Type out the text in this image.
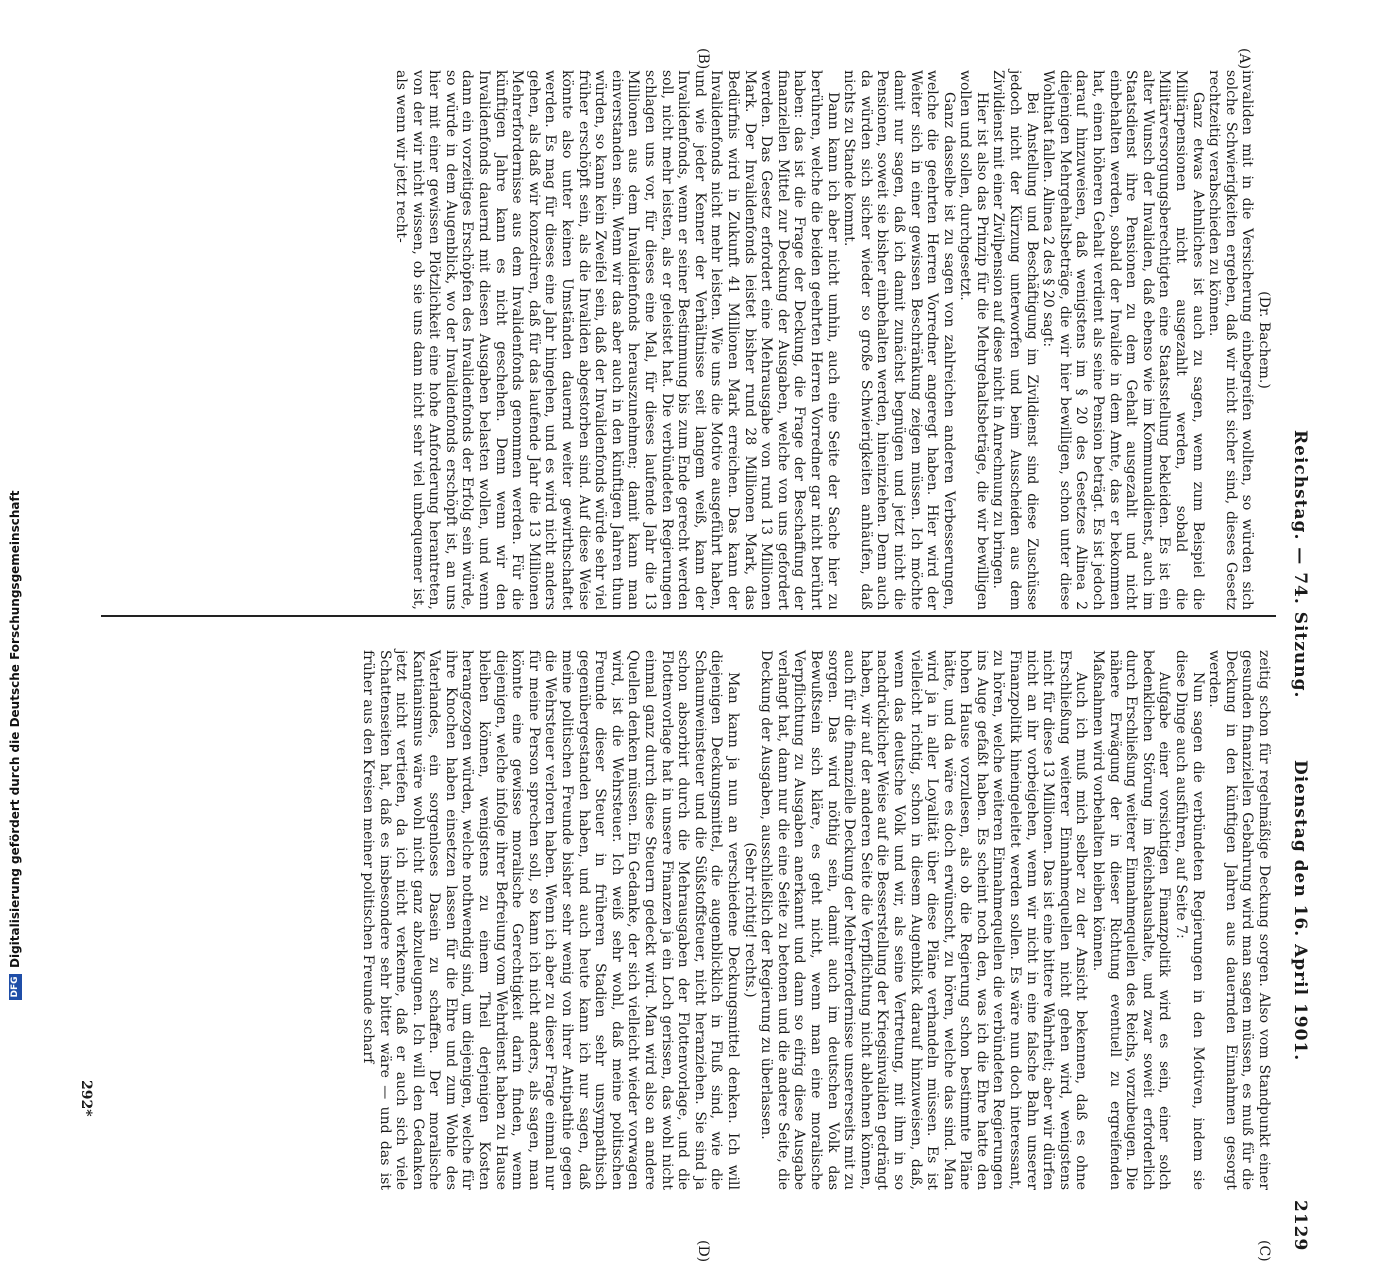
Reichstag. — 74. Sitzung.
Dienstag den 16. April 1901.
2129
(A)
(B)
(C)
(D)

(Dr. Bachem.)

invaliden mit in die Versicherung einbegreifen wollten, so würden sich solche Schwierigkeiten ergeben, daß wir nicht sicher sind, dieses Gesetz rechtzeitig verabschieden zu können.

Ganz etwas Aehnliches ist auch zu sagen, wenn zum Beispiel die Militärpensionen nicht ausgezahlt werden, sobald die Militärversorgungsberechtigten eine Staatsstellung bekleiden. Es ist ein alter Wunsch der Invaliden, daß ebenso wie im Kommunaldienst, auch im Staatsdienst ihre Pensionen zu dem Gehalt ausgezahlt und nicht einbehalten werden, sobald der Invalide in dem Amte, das er bekommen hat, einen höheren Gehalt verdient als seine Pension beträgt. Es ist jedoch darauf hinzuweisen, daß wenigstens im § 20 des Gesetzes Alinea 2 diejenigen Mehrgehaltsbeträge, die wir hier bewilligen, schon unter diese Wohlthat fallen. Alinea 2 des § 20 sagt:

Bei Anstellung und Beschäftigung im Zivildienst sind diese Zuschüsse jedoch nicht der Kürzung unterworfen und beim Ausscheiden aus dem Zivildienst mit einer Zivilpension auf diese nicht in Anrechnung zu bringen.

Hier ist also das Prinzip für die Mehrgehaltsbeträge, die wir bewilligen wollen und sollen, durchgesetzt.

Ganz dasselbe ist zu sagen von zahlreichen anderen Verbesserungen, welche die geehrten Herren Vorredner angeregt haben. Hier wird der Weiter sich in einer gewissen Beschränkung zeigen müssen. Ich möchte damit nur sagen, daß ich damit zunächst begnügen und jetzt nicht die Pensionen, soweit sie bisher einbehalten werden, hineinziehen. Denn auch da würden sich sicher wieder so große Schwierigkeiten anhäufen, daß nichts zu Stande kommt.

Dann kann ich aber nicht umhin, auch eine Seite der Sache hier zu berühren, welche die beiden geehrten Herren Vorredner gar nicht berührt haben: das ist die Frage der Deckung, die Frage der Beschaffung der finanziellen Mittel zur Deckung der Ausgaben, welche von uns gefordert werden. Das Gesetz erfordert eine Mehrausgabe von rund 13 Millionen Mark. Der Invalidenfonds leistet bisher rund 28 Millionen Mark, das Bedürfnis wird in Zukunft 41 Millionen Mark erreichen. Das kann der Invalidenfonds nicht mehr leisten. Wie uns die Motive ausgeführt haben, und wie jeder Kenner der Verhältnisse seit langem weiß, kann der Invalidenfonds, wenn er seiner Bestimmung bis zum Ende gerecht werden soll, nicht mehr leisten, als er geleistet hat. Die verbündeten Regierungen schlagen uns vor, für dieses eine Mal, für dieses laufende Jahr die 13 Millionen aus dem Invalidenfonds herauszunehmen; damit kann man einverstanden sein. Wenn wir das aber auch in den künftigen Jahren thun würden, so kann kein Zweifel sein, daß der Invalidenfonds würde sehr viel früher erschöpft sein, als die Invaliden abgestorben sind. Auf diese Weise könnte also unter keinen Umständen dauernd weiter gewirthschaftet werden. Es mag für dieses eine Jahr hingehen, und es wird nicht anders gehen, als daß wir konzediren, daß für das laufende Jahr die 13 Millionen Mehrerfordernisse aus dem Invalidenfonds genommen werden. Für die künftigen Jahre kann es nicht geschehen. Denn wenn wir den Invalidenfonds dauernd mit diesen Ausgaben belasten wollen, und wenn dann ein vorzeitiges Erschöpfen des Invalidenfonds der Erfolg sein würde, so würde in dem Augenblick, wo der Invalidenfonds erschöpft ist, an uns hier mit einer gewissen Plötzlichkeit eine hohe Anforderung herantreten, von der wir nicht wissen, ob sie uns dann nicht sehr viel unbequemer ist, als wenn wir jetzt recht-

zeitig schon für regelmäßige Deckung sorgen. Also vom Standpunkt einer gesunden finanziellen Gebahrung wird man sagen müssen, es muß für die Deckung in den künftigen Jahren aus dauernden Einnahmen gesorgt werden.

Nun sagen die verbündeten Regierungen in den Motiven, indem sie diese Dinge auch ausführen, auf Seite 7:

Aufgabe einer vorsichtigen Finanzpolitik wird es sein, einer solch bedenklichen Störung im Reichshaushalte, und zwar soweit erforderlich durch Erschließung weiterer Einnahmequellen des Reichs, vorzubeugen. Die nähere Erwägung der in dieser Richtung eventuell zu ergreifenden Maßnahmen wird vorbehalten bleiben können.

Auch ich muß mich selber zu der Ansicht bekennen, daß es ohne Erschließung weiterer Einnahmequellen nicht gehen wird, wenigstens nicht für diese 13 Millionen. Das ist eine bittere Wahrheit; aber wir dürfen nicht an ihr vorbeigehen, wenn wir nicht in eine falsche Bahn unserer Finanzpolitik hineingeleitet werden sollen. Es wäre nun doch interessant, zu hören, welche weiteren Einnahmequellen die verbündeten Regierungen ins Auge gefaßt haben. Es scheint noch den, was ich die Ehre hatte den hohen Hause vorzulesen, als ob die Regierung schon bestimmte Pläne hätte, und da wäre es doch erwünscht, zu hören, welche das sind. Man wird ja in aller Loyalität über diese Pläne verhandeln müssen. Es ist vielleicht richtig, schon in diesem Augenblick darauf hinzuweisen, daß, wenn das deutsche Volk und wir, als seine Vertretung, mit ihm in so nachdrücklicher Weise auf die Besserstellung der Kriegsinvaliden gedrängt haben, wir auf der anderen Seite die Verpflichtung nicht ablehnen können, auch für die finanzielle Deckung der Mehrerfordernisse unsererseits mit zu sorgen. Das wird nöthig sein, damit auch im deutschen Volk das Bewußtsein sich kläre, es geht nicht, wenn man eine moralische Verpflichtung zu Ausgaben anerkannt und dann so eifrig diese Ausgabe verlangt hat, dann nur die eine Seite zu betonen und die andere Seite, die Deckung der Ausgaben, ausschließlich der Regierung zu überlassen.

(Sehr richtig! rechts.)

Man kann ja nun an verschiedene Deckungsmittel denken. Ich will diejenigen Deckungsmittel, die augenblicklich in Fluß sind, wie die Schaumweinsteuer und die Süßstoffsteuer, nicht heranziehen. Sie sind ja schon absorbirt durch die Mehrausgaben der Flottenvorlage, und die Flottenvorlage hat in unsere Finanzen ja ein Loch gerissen, das wohl nicht einmal ganz durch diese Steuern gedeckt wird. Man wird also an andere Quellen denken müssen. Ein Gedanke, der sich vielleicht wieder vorwagen wird, ist die Wehrsteuer. Ich weiß sehr wohl, daß meine politischen Freunde dieser Steuer in früheren Stadien sehr unsympathisch gegenübergestanden haben, und auch heute kann ich nur sagen, daß meine politischen Freunde bisher sehr wenig von ihrer Antipathie gegen die Wehrsteuer verloren haben. Wenn ich aber zu dieser Frage einmal nur für meine Person sprechen soll, so kann ich nicht anders, als sagen, man könnte eine gewisse moralische Gerechtigkeit darin finden, wenn diejenigen, welche infolge ihrer Befreiung vom Wehrdienst haben zu Hause bleiben können, wenigstens zu einem Theil derjenigen Kosten herangezogen würden, welche nothwendig sind, um diejenigen, welche für ihre Knochen haben einsetzen lassen für die Ehre und zum Wohle des Vaterlandes, ein sorgenloses Dasein zu schaffen. Der moralische Kantianismus wäre wohl nicht ganz abzuleugnen. Ich will den Gedanken jetzt nicht vertiefen, da ich nicht verkenne, daß er auch sich viele Schattenseiten hat, daß es insbesondere sehr bitter wäre — und das ist früher aus den Kreisen meiner politischen Freunde scharf

292*
DFGDigitalisierung gefördert durch die Deutsche Forschungsgemeinschaft
